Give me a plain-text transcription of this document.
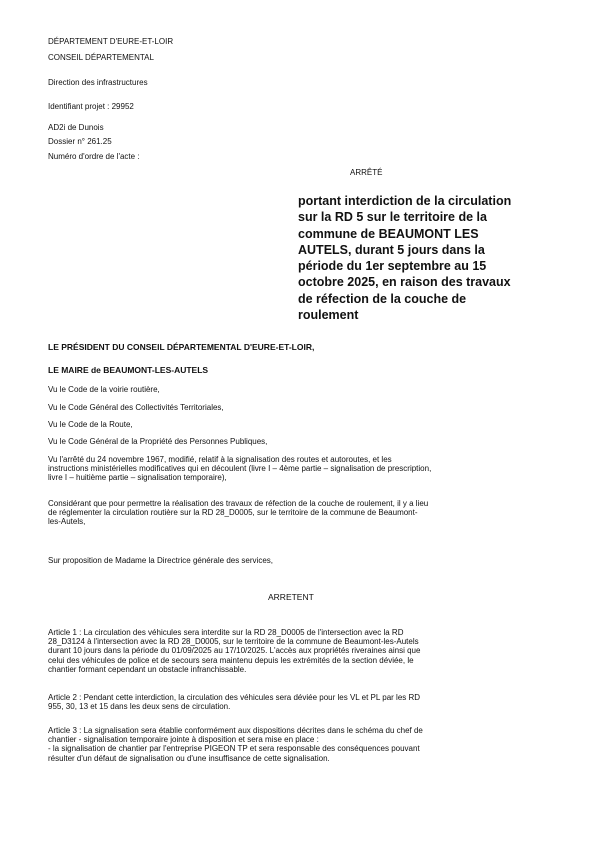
DÉPARTEMENT D'EURE-ET-LOIR
CONSEIL DÉPARTEMENTAL
Direction des infrastructures
Identifiant projet : 29952
AD2i de Dunois
Dossier n° 261.25
Numéro d'ordre de l'acte :
ARRÊTÉ
portant interdiction de la circulation
sur la RD 5 sur le territoire de la
commune de BEAUMONT LES
AUTELS, durant 5 jours dans la
période du 1er septembre au 15
octobre 2025, en raison des travaux
de réfection de la couche de
roulement
LE PRÉSIDENT DU CONSEIL DÉPARTEMENTAL D'EURE-ET-LOIR,
LE MAIRE de BEAUMONT-LES-AUTELS
Vu le Code de la voirie routière,
Vu le Code Général des Collectivités Territoriales,
Vu le Code de la Route,
Vu le Code Général de la Propriété des Personnes Publiques,
Vu l'arrêté du 24 novembre 1967, modifié, relatif à la signalisation des routes et autoroutes, et les
instructions ministérielles modificatives qui en découlent (livre I – 4ème partie – signalisation de prescription,
livre I – huitième partie – signalisation temporaire),
Considérant que pour permettre la réalisation des travaux de réfection de la couche de roulement, il y a lieu
de réglementer la circulation routière sur la RD 28_D0005, sur le territoire de la commune de Beaumont-
les-Autels,
Sur proposition de Madame la Directrice générale des services,
ARRETENT
Article 1 : La circulation des véhicules sera interdite sur la RD 28_D0005 de l'intersection avec la RD
28_D3124 à l'intersection avec la RD 28_D0005, sur le territoire de la commune de Beaumont-les-Autels
durant 10 jours dans la période du 01/09/2025 au 17/10/2025. L'accès aux propriétés riveraines ainsi que
celui des véhicules de police et de secours sera maintenu depuis les extrémités de la section déviée, le
chantier formant cependant un obstacle infranchissable.
Article 2 : Pendant cette interdiction, la circulation des véhicules sera déviée pour les VL et PL par les RD
955, 30, 13 et 15 dans les deux sens de circulation.
Article 3 : La signalisation sera établie conformément aux dispositions décrites dans le schéma du chef de
chantier - signalisation temporaire jointe à disposition et sera mise en place :
- la signalisation de chantier par l'entreprise PIGEON TP et sera responsable des conséquences pouvant
résulter d'un défaut de signalisation ou d'une insuffisance de cette signalisation.
